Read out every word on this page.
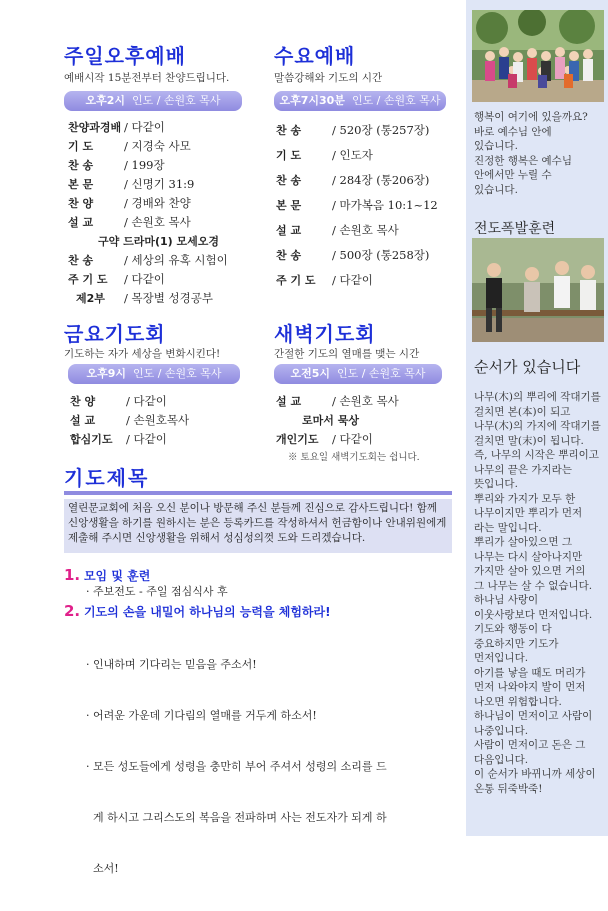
주일오후예배
예배시작 15분전부터 찬양드립니다.
오후2시 인도 / 손원호 목사
찬양과경배 / 다같이
기 도	/ 지경숙 사모
찬 송	/ 199장
본 문	/ 신명기 31:9
찬 양	/ 경배와 찬양
설 교	/ 손원호 목사
구약 드라마(1) 모세오경
찬 송	/ 세상의 유혹 시험이
주 기 도	/ 다같이
제2부	/ 목장별 성경공부
수요예배
말씀강해와 기도의 시간
오후7시30분 인도 / 손원호 목사
찬 송	/ 520장 (통257장)
기 도	/ 인도자
찬 송	/ 284장 (통206장)
본 문	/ 마가복음 10:1~12
설 교	/ 손원호 목사
찬 송	/ 500장 (통258장)
주 기 도	/ 다같이
금요기도회
기도하는 자가 세상을 변화시킨다!
오후9시 인도 / 손원호 목사
찬 양	/ 다같이
설 교	/ 손원호목사
합심기도	/ 다같이
새벽기도회
간절한 기도의 열매를 맺는 시간
오전5시 인도 / 손원호 목사
설 교	/ 손원호 목사
로마서 묵상
개인기도	/ 다같이
※ 토요일 새벽기도회는 쉽니다.
기도제목
열린문교회에 처음 오신 분이나 방문해 주신 분들께 진심으로 감사드립니다! 함께 신앙생활을 하기를 원하시는 분은 등록카드를 작성하셔서 헌금함이나 안내위원에게 제출해 주시면 신앙생활을 위해서 성심성의껏 도와 드리겠습니다.
1. 모임 및 훈련
· 주보전도 - 주일 점심식사 후
2. 기도의 손을 내밀어 하나님의 능력을 체험하라!

· 인내하며 기다리는 믿음을 주소서!

· 어려운 가운데 기다림의 열매를 거두게 하소서!

· 모든 성도들에게 성령을 충만히 부어 주셔서 성령의 소리를 드

게 하시고 그리스도의 복음을 전파하며 사는 전도자가 되게 하

소서!

행복이 여기에 있을까요?
바로 예수님 안에
있습니다.
진정한 행복은 예수님
안에서만 누릴 수
있습니다.
전도폭발훈련
순서가 있습니다
나무(木)의 뿌리에 작대기를
걸치면 본(本)이 되고
나무(木)의 가지에 작대기를
걸치면 말(末)이 됩니다.
즉, 나무의 시작은 뿌리이고
나무의 끝은 가지라는
뜻입니다.
뿌리와 가지가 모두 한
나무이지만 뿌리가 먼저
라는 말입니다.
뿌리가 살아있으면 그
나무는 다시 살아나지만
가지만 살아 있으면 거의
그 나무는 살 수 없습니다.
하나님 사랑이
이웃사랑보다 먼저입니다.
기도와 행동이 다
중요하지만 기도가
먼저입니다.
아기를 낳을 때도 머리가
먼저 나와야지 발이 먼저
나오면 위험합니다.
하나님이 먼저이고 사람이
나중입니다.
사람이 먼저이고 돈은 그
다음입니다.
이 순서가 바뀌니까 세상이
온통 뒤죽박죽!
